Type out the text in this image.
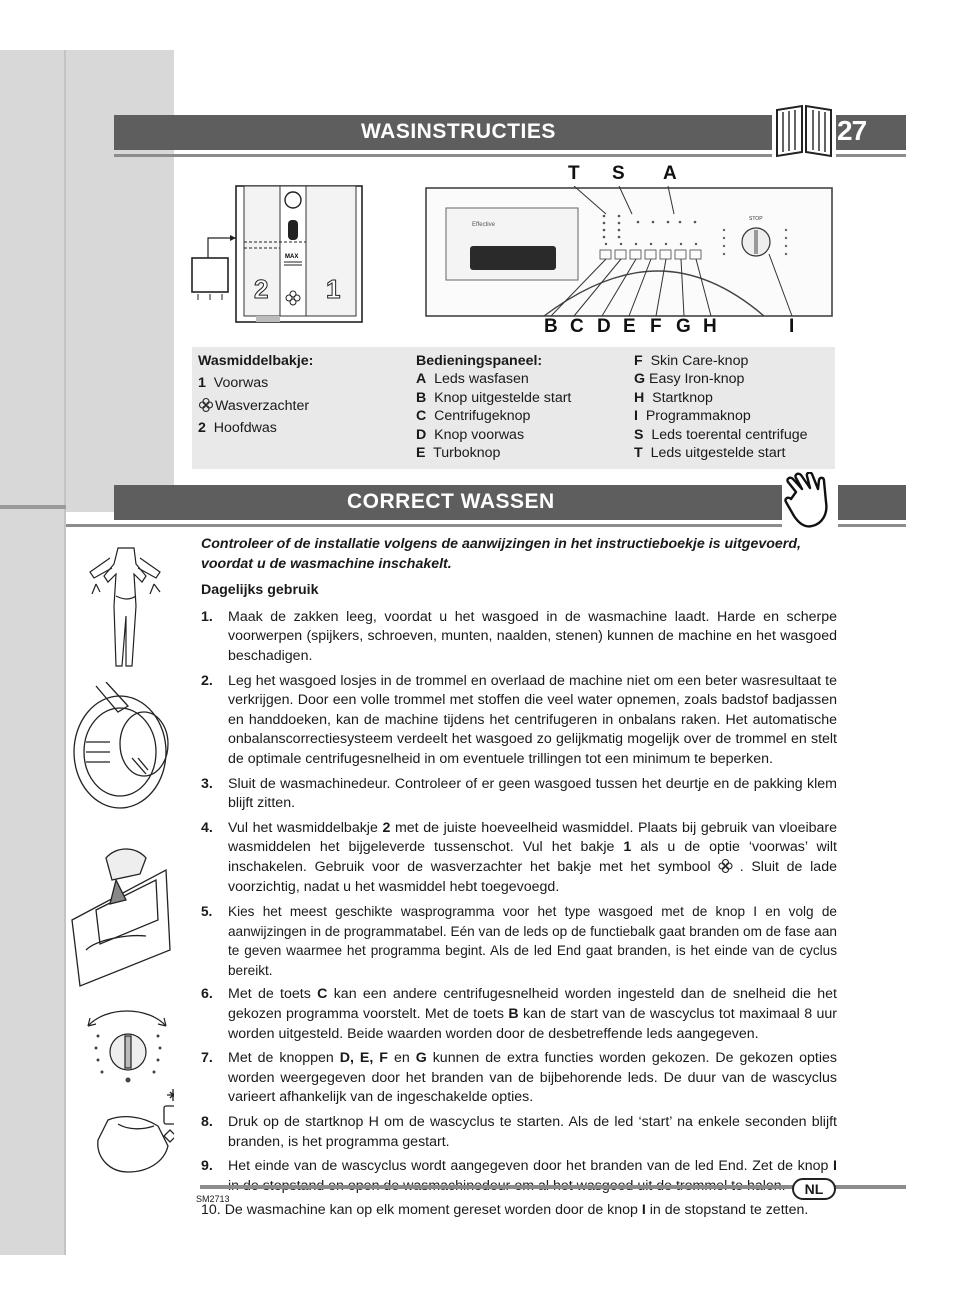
WASINSTRUCTIES	27
MAX
2 1
Effective
STOP
T S A
B C D E F G H	I
Wasmiddelbakje:
1 Voorwas
Wasverzachter
2 Hoofdwas
Bedieningspaneel:
A Leds wasfasen
B Knop uitgestelde start
C Centrifugeknop
D Knop voorwas
E Turboknop
F Skin Care-knop
G Easy Iron-knop
H Startknop
I Programmaknop
S Leds toerental centrifuge
T Leds uitgestelde start
CORRECT WASSEN
Controleer of de installatie volgens de aanwijzingen in het instructieboekje is uitgevoerd, voordat u de wasmachine inschakelt.
Dagelijks gebruik
1. Maak de zakken leeg, voordat u het wasgoed in de wasmachine laadt. Harde en scherpe voorwerpen (spijkers, schroeven, munten, naalden, stenen) kunnen de machine en het wasgoed beschadigen.
2. Leg het wasgoed losjes in de trommel en overlaad de machine niet om een beter wasresultaat te verkrijgen. Door een volle trommel met stoffen die veel water opnemen, zoals badstof badjassen en handdoeken, kan de machine tijdens het centrifugeren in onbalans raken. Het automatische onbalanscorrectiesysteem verdeelt het wasgoed zo gelijkmatig mogelijk over de trommel en stelt de optimale centrifugesnelheid in om eventuele trillingen tot een minimum te beperken.
3. Sluit de wasmachinedeur. Controleer of er geen wasgoed tussen het deurtje en de pakking klem blijft zitten.
4. Vul het wasmiddelbakje 2 met de juiste hoeveelheid wasmiddel. Plaats bij gebruik van vloeibare wasmiddelen het bijgeleverde tussenschot. Vul het bakje 1 als u de optie ‘voorwas’ wilt inschakelen. Gebruik voor de wasverzachter het bakje met het symbool . Sluit de lade voorzichtig, nadat u het wasmiddel hebt toegevoegd.
5. Kies het meest geschikte wasprogramma voor het type wasgoed met de knop I en volg de aanwijzingen in de programmatabel. Eén van de leds op de functiebalk gaat branden om de fase aan te geven waarmee het programma begint. Als de led End gaat branden, is het einde van de cyclus bereikt.
6. Met de toets C kan een andere centrifugesnelheid worden ingesteld dan de snelheid die het gekozen programma voorstelt. Met de toets B kan de start van de wascyclus tot maximaal 8 uur worden uitgesteld. Beide waarden worden door de desbetreffende leds aangegeven.
7. Met de knoppen D, E, F en G kunnen de extra functies worden gekozen. De gekozen opties worden weergegeven door het branden van de bijbehorende leds. De duur van de wascyclus varieert afhankelijk van de ingeschakelde opties.
8. Druk op de startknop H om de wascyclus te starten. Als de led ‘start’ na enkele seconden blijft branden, is het programma gestart.
9. Het einde van de wascyclus wordt aangegeven door het branden van de led End. Zet de knop I
10. De wasmachine kan op elk moment gereset worden door de knop I in de stopstand te zetten.
NL
SM2713
